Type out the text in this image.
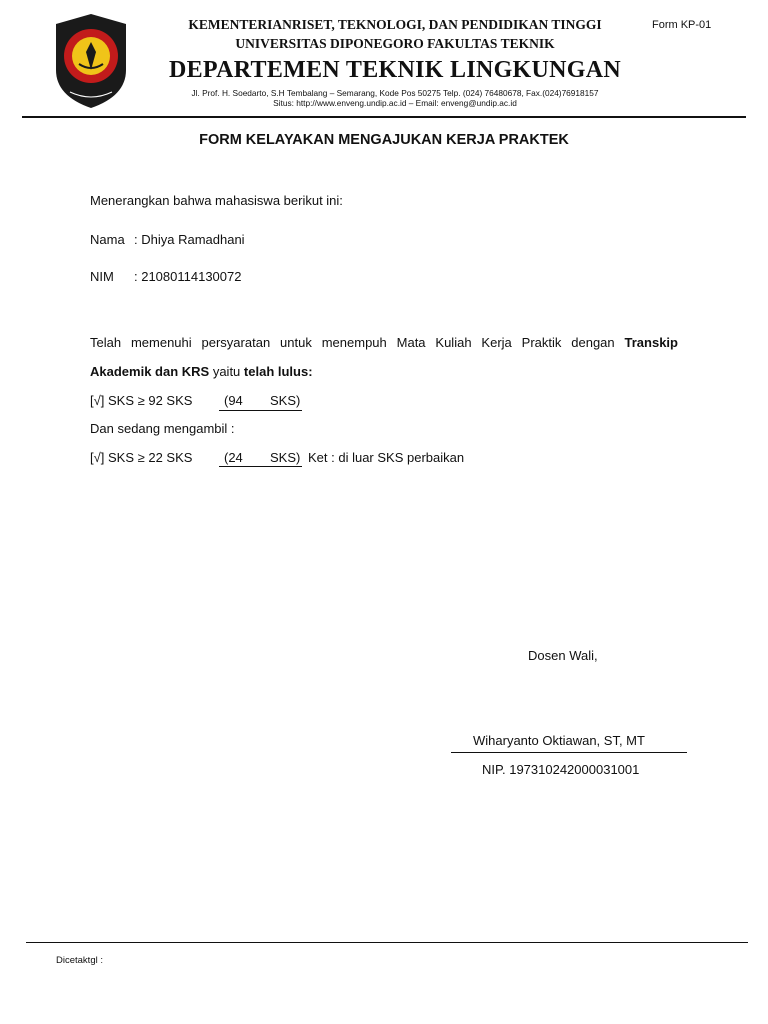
KEMENTERIANRISET, TEKNOLOGI, DAN PENDIDIKAN TINGGI
UNIVERSITAS DIPONEGORO FAKULTAS TEKNIK
Form KP-01
DEPARTEMEN TEKNIK LINGKUNGAN
Jl. Prof. H. Soedarto, S.H Tembalang – Semarang, Kode Pos 50275 Telp. (024) 76480678, Fax.(024)76918157
Situs: http://www.enveng.undip.ac.id – Email: enveng@undip.ac.id
FORM KELAYAKAN MENGAJUKAN KERJA PRAKTEK
Menerangkan bahwa mahasiswa berikut ini:
Nama : Dhiya Ramadhani
NIM : 21080114130072
Telah memenuhi persyaratan untuk menempuh Mata Kuliah Kerja Praktik dengan Transkip
Akademik dan KRS yaitu telah lulus:
[√] SKS ≥ 92 SKS (94 SKS)
Dan sedang mengambil :
[√] SKS ≥ 22 SKS (24 SKS) Ket : di luar SKS perbaikan
Dosen Wali,
Wiharyanto Oktiawan, ST, MT
NIP. 197310242000031001
Dicetaktgl :
